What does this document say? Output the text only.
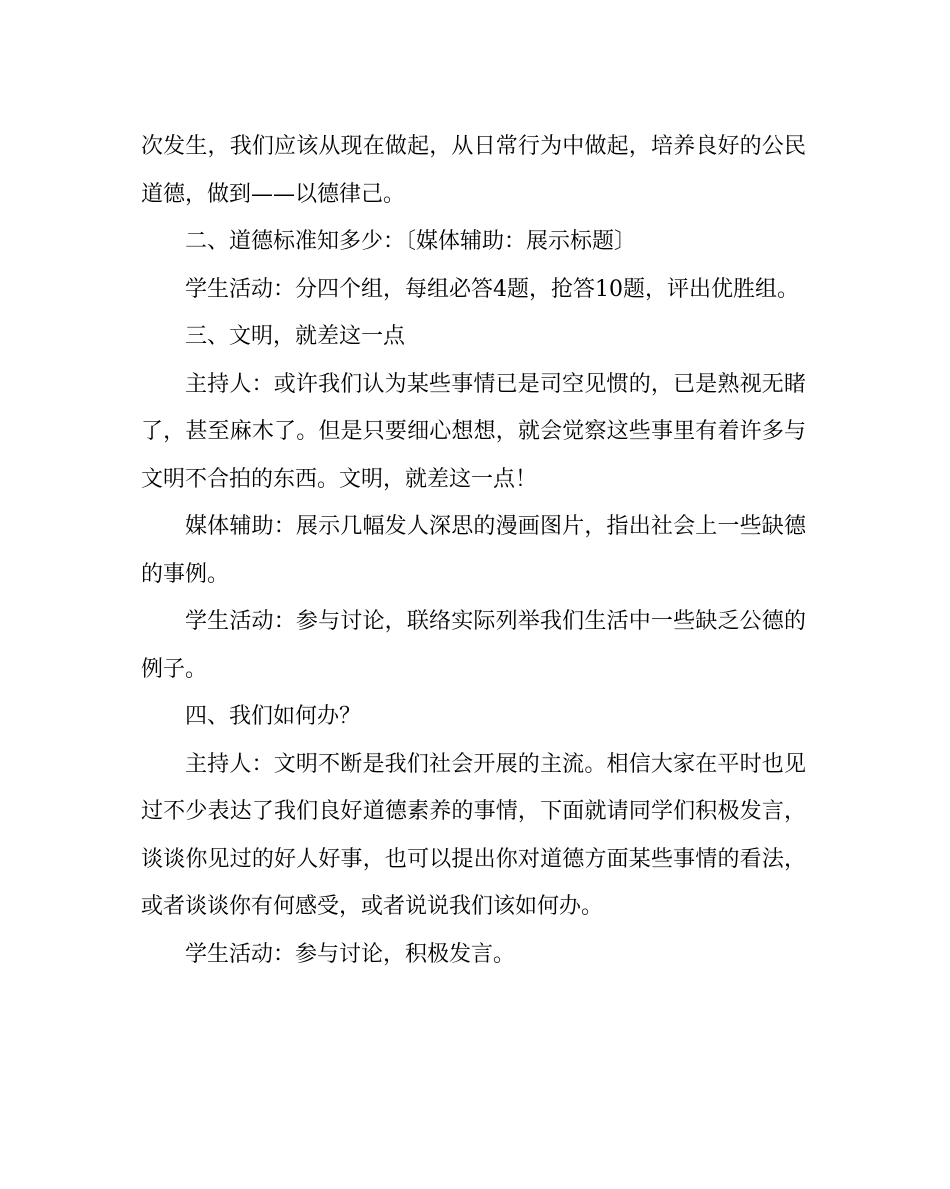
次发生，我们应该从现在做起，从日常行为中做起，培养良好的公民道德，做到——以德律己。

二、道德标准知多少：〔媒体辅助：展示标题〕

学生活动：分四个组，每组必答4题，抢答10题，评出优胜组。

三、文明，就差这一点

主持人：或许我们认为某些事情已是司空见惯的，已是熟视无睹了，甚至麻木了。但是只要细心想想，就会觉察这些事里有着许多与文明不合拍的东西。文明，就差这一点！

媒体辅助：展示几幅发人深思的漫画图片，指出社会上一些缺德的事例。

学生活动：参与讨论，联络实际列举我们生活中一些缺乏公德的例子。

四、我们如何办？

主持人：文明不断是我们社会开展的主流。相信大家在平时也见过不少表达了我们良好道德素养的事情，下面就请同学们积极发言，谈谈你见过的好人好事，也可以提出你对道德方面某些事情的看法，或者谈谈你有何感受，或者说说我们该如何办。

学生活动：参与讨论，积极发言。
